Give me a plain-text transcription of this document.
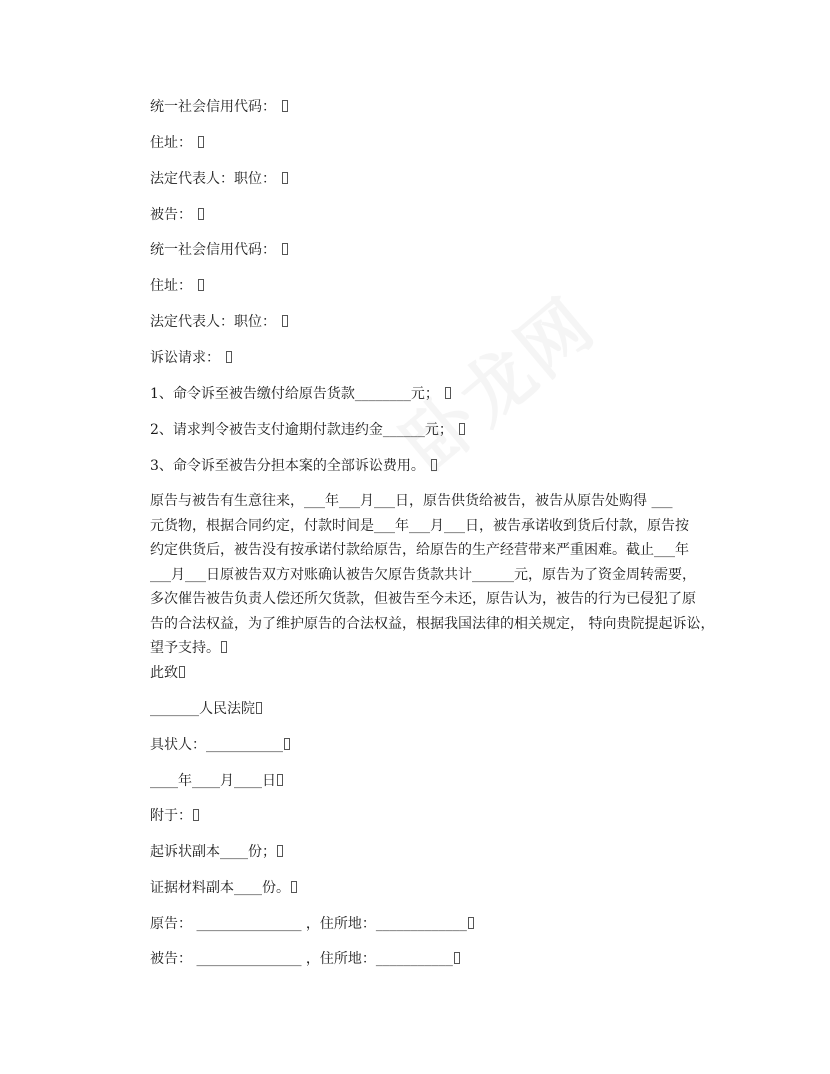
卧龙网
统一社会信用代码：
住址：
法定代表人：职位：
被告：
统一社会信用代码：
住址：
法定代表人：职位：
诉讼请求：
1、命令诉至被告缴付给原告货款________元；
2、请求判令被告支付逾期付款违约金______元；
3、命令诉至被告分担本案的全部诉讼费用。
原告与被告有生意往来，___年___月___日，原告供货给被告，被告从原告处购得 ___
元货物，根据合同约定，付款时间是___年___月___日，被告承诺收到货后付款，原告按
约定供货后，被告没有按承诺付款给原告，给原告的生产经营带来严重困难。截止___年
___月___日原被告双方对账确认被告欠原告货款共计______元，原告为了资金周转需要，
多次催告被告负责人偿还所欠货款，但被告至今未还，原告认为，被告的行为已侵犯了原
告的合法权益，为了维护原告的合法权益，根据我国法律的相关规定， 特向贵院提起诉讼，
望予支持。
此致
_______人民法院
具状人：___________
____年____月____日
附于：
起诉状副本____份；
证据材料副本____份。
原告： _______________ ，住所地：_____________
被告： _______________ ，住所地：___________
